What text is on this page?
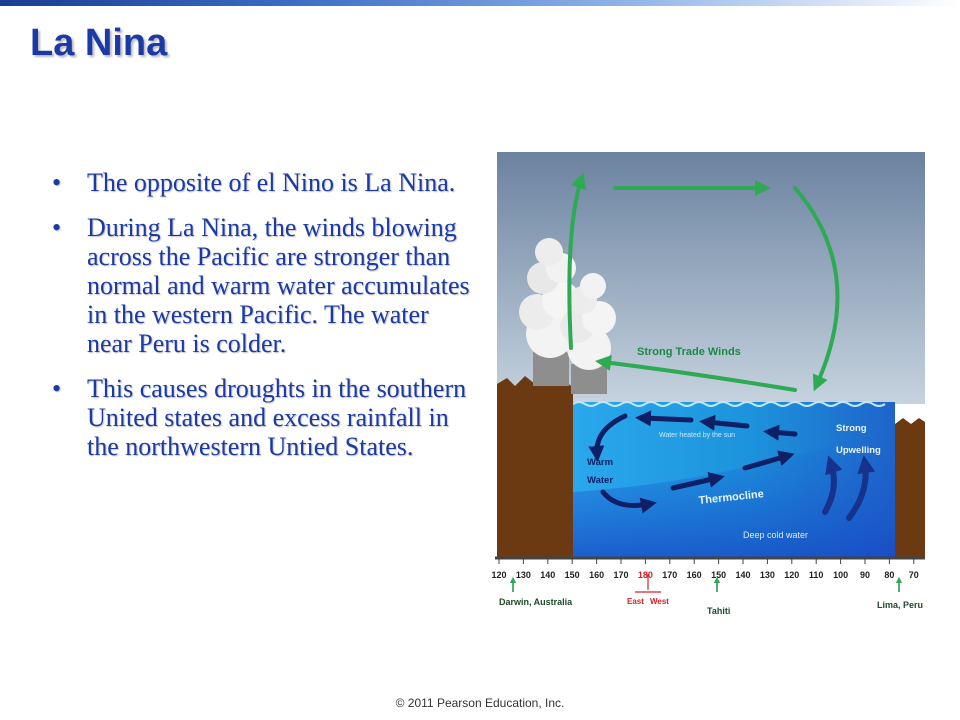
La Nina
• The opposite of el Nino is La Nina.
• During La Nina, the winds blowing across the Pacific are stronger than normal and warm water accumulates in the western Pacific. The water near Peru is colder.
• This causes droughts in the southern United states and excess rainfall in the northwestern Untied States.
Strong Trade Winds
Water heated by the sun
Strong
Upwelling
Warm
Water
Thermocline
Deep cold water
120 130 140 150 160 170 180 170 160 150 140 130 120 110 100 90 80 70
Darwin, Australia
Tahiti
Lima, Peru
East West
© 2011 Pearson Education, Inc.
